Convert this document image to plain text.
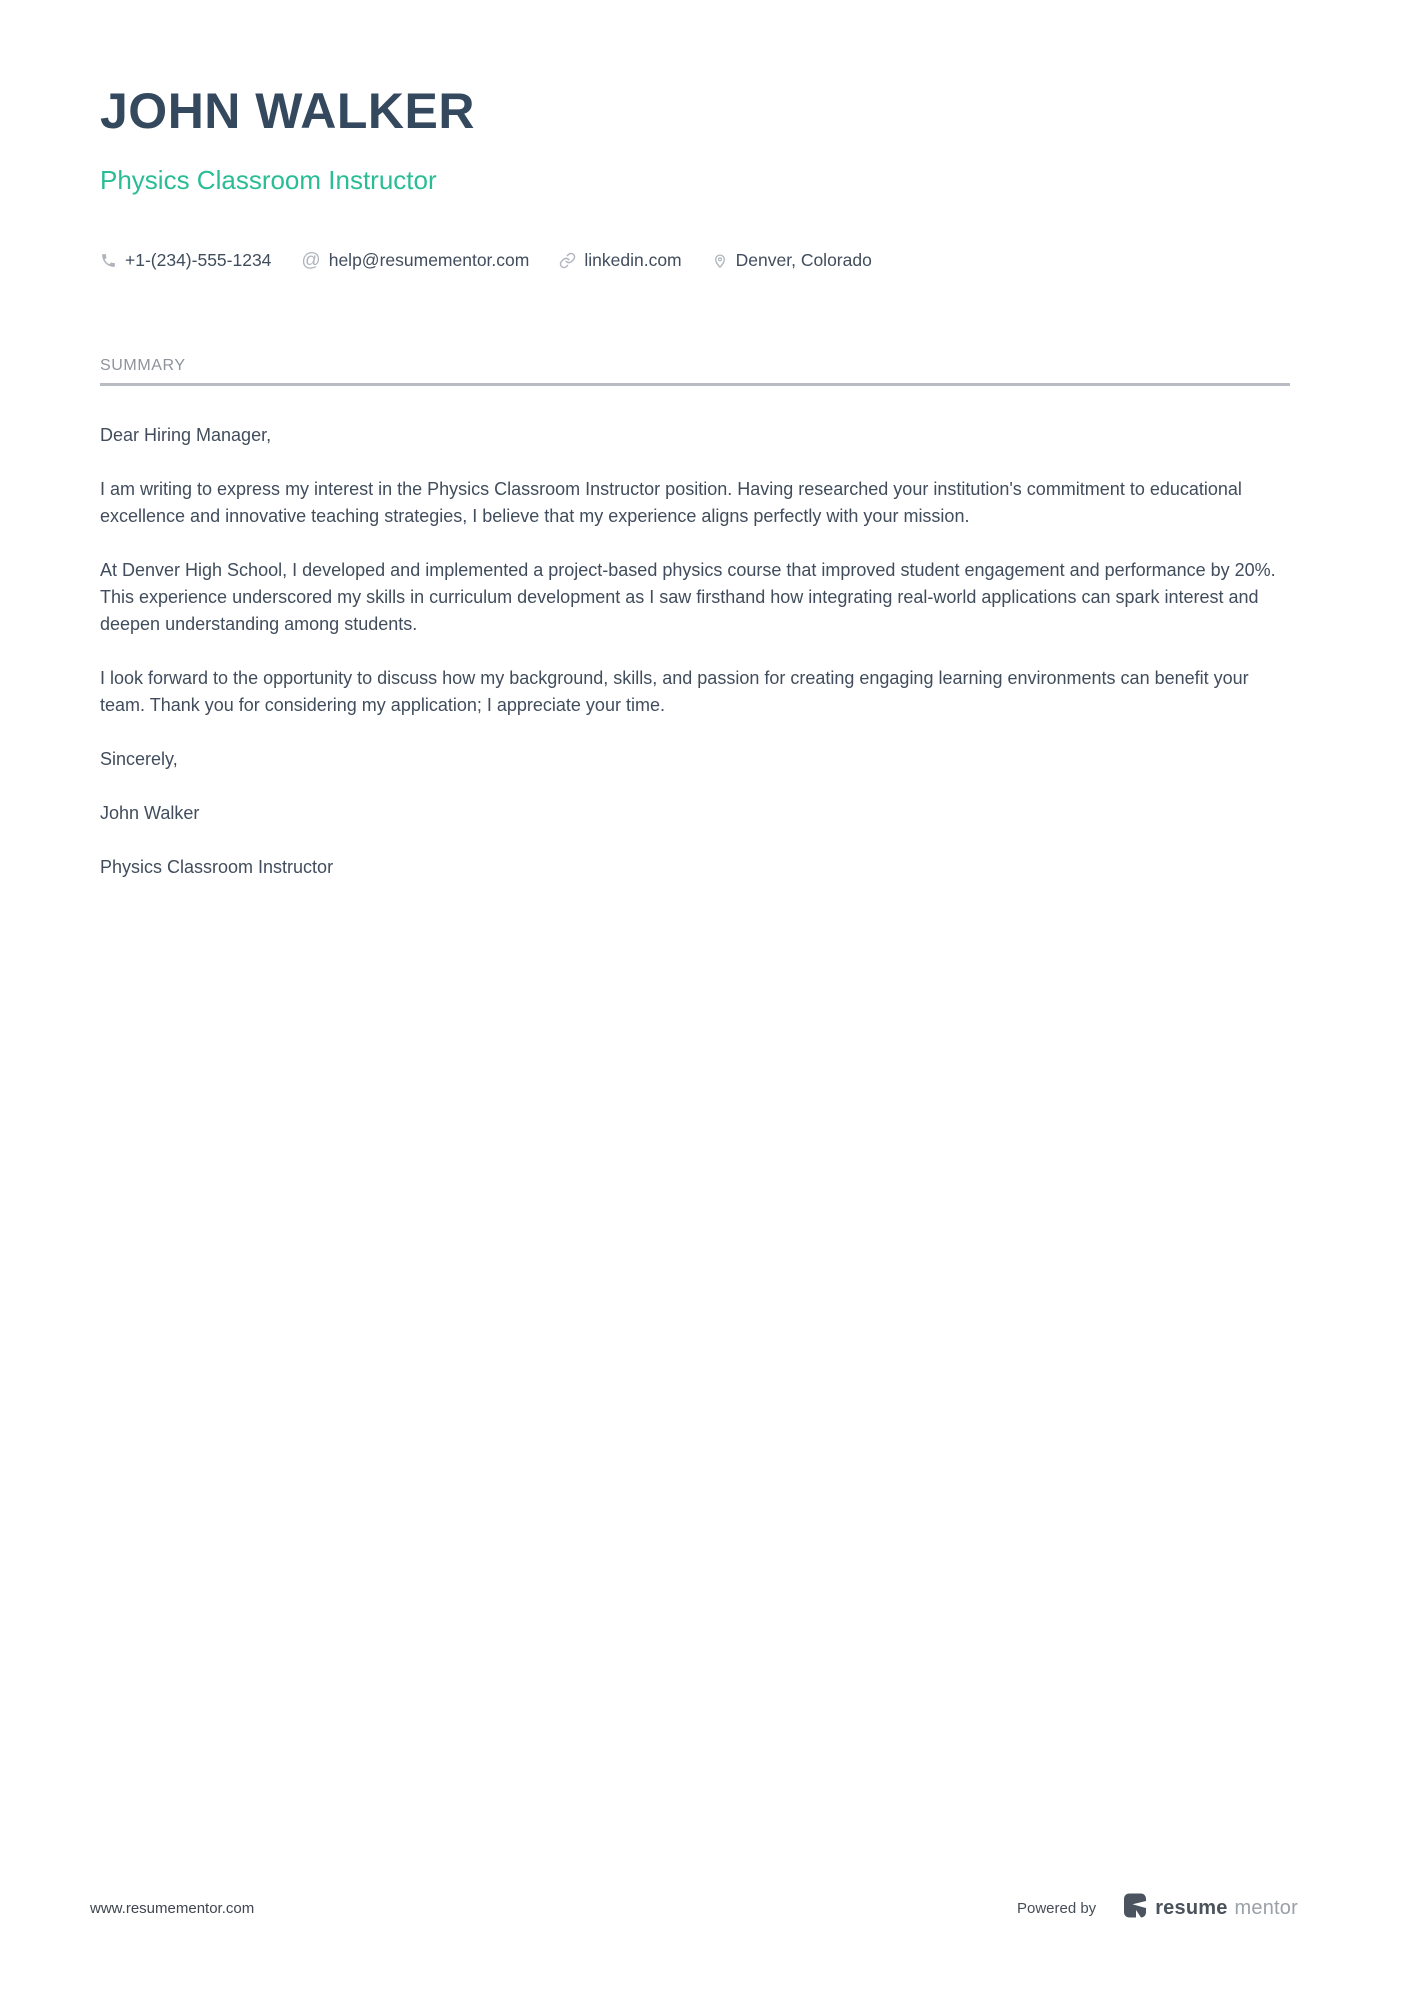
JOHN WALKER
Physics Classroom Instructor
+1-(234)-555-1234 @ help@resumementor.com	linkedin.com	Denver, Colorado
SUMMARY

Dear Hiring Manager,

I am writing to express my interest in the Physics Classroom Instructor position. Having researched your institution's commitment to educational excellence and innovative teaching strategies, I believe that my experience aligns perfectly with your mission.

At Denver High School, I developed and implemented a project-based physics course that improved student engagement and performance by 20%. This experience underscored my skills in curriculum development as I saw firsthand how integrating real-world applications can spark interest and deepen understanding among students.

I look forward to the opportunity to discuss how my background, skills, and passion for creating engaging learning environments can benefit your team. Thank you for considering my application; I appreciate your time.

Sincerely,

John Walker

Physics Classroom Instructor

www.resumementor.com	Powered by	resume mentor
